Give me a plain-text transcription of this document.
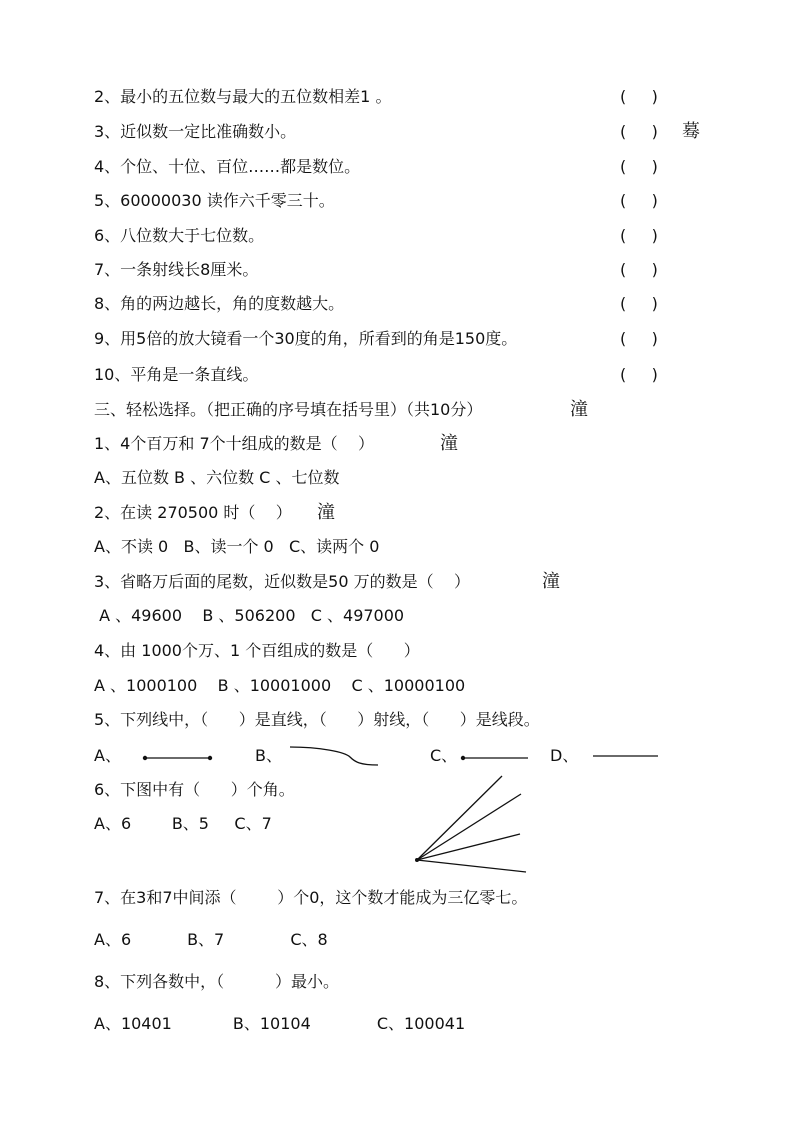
2、最小的五位数与最大的五位数相差1 。	(     )
3、近似数一定比准确数小。	(     ) 蓦
4、个位、十位、百位……都是数位。	(     )
5、60000030 读作六千零三十。	(     )
6、八位数大于七位数。	(     )
7、一条射线长8厘米。	(     )
8、角的两边越长，角的度数越大。	(     )
9、用5倍的放大镜看一个30度的角，所看到的角是150度。	(     )
10、平角是一条直线。	(     )
三、轻松选择。（把正确的序号填在括号里）（共10分）	潼
1、4个百万和 7个十组成的数是（    ）	潼
A、五位数 B 、六位数 C 、七位数
2、在读 270500 时（    ） 潼
A、不读 0   B、读一个 0   C、读两个 0
3、省略万后面的尾数，近似数是50 万的数是（    ）	潼
A 、49600    B 、506200   C 、497000
4、由 1000个万、1 个百组成的数是（      ）
A 、1000100    B 、10001000    C 、10000100
5、下列线中，（      ）是直线，（      ）射线，（      ）是线段。
A、	B、	C、	D、
6、下图中有（      ）个角。
A、6        B、5     C、7
7、在3和7中间添（        ）个0，这个数才能成为三亿零七。
A、6           B、7             C、8
8、下列各数中，（          ）最小。
A、10401            B、10104             C、100041
